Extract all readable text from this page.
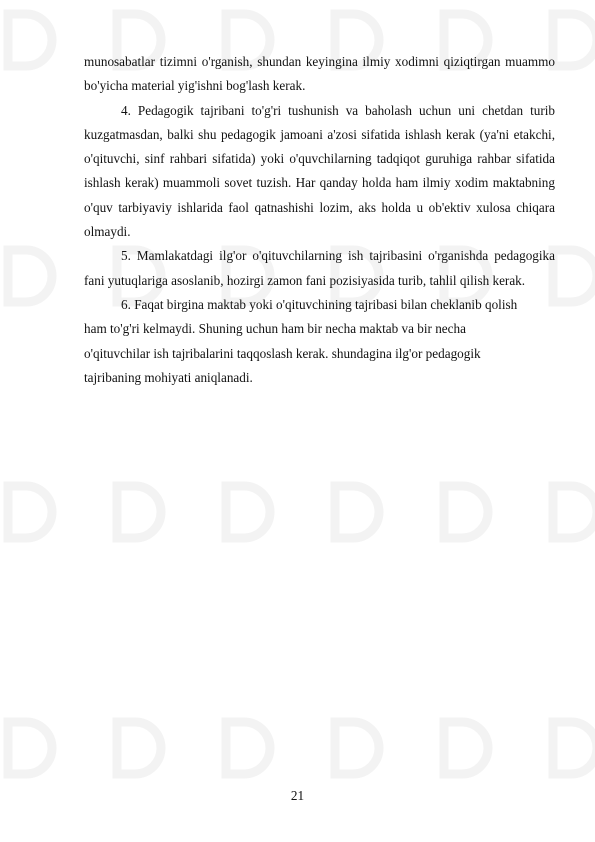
munosabatlar tizimni o'rganish, shundan keyingina ilmiy xodimni qiziqtirgan muammo bo'yicha material yig'ishni bog'lash kerak.

4. Pedagogik tajribani to'g'ri tushunish va baholash uchun uni chetdan turib kuzgatmasdan, balki shu pedagogik jamoani a'zosi sifatida ishlash kerak (ya'ni etakchi, o'qituvchi, sinf rahbari sifatida) yoki o'quvchilarning tadqiqot guruhiga rahbar sifatida ishlash kerak) muammoli sovet tuzish. Har qanday holda ham ilmiy xodim maktabning o'quv tarbiyaviy ishlarida faol qatnashishi lozim, aks holda u ob'ektiv xulosa chiqara olmaydi.

5. Mamlakatdagi ilg'or o'qituvchilarning ish tajribasini o'rganishda pedagogika fani yutuqlariga asoslanib, hozirgi zamon fani pozisiyasida turib, tahlil qilish kerak.

6. Faqat birgina maktab yoki o'qituvchining tajribasi bilan cheklanib qolish

ham to'g'ri kelmaydi. Shuning uchun ham bir necha maktab va bir necha

o'qituvchilar ish tajribalarini taqqoslash kerak. shundagina ilg'or pedagogik

tajribaning mohiyati aniqlanadi.

21
